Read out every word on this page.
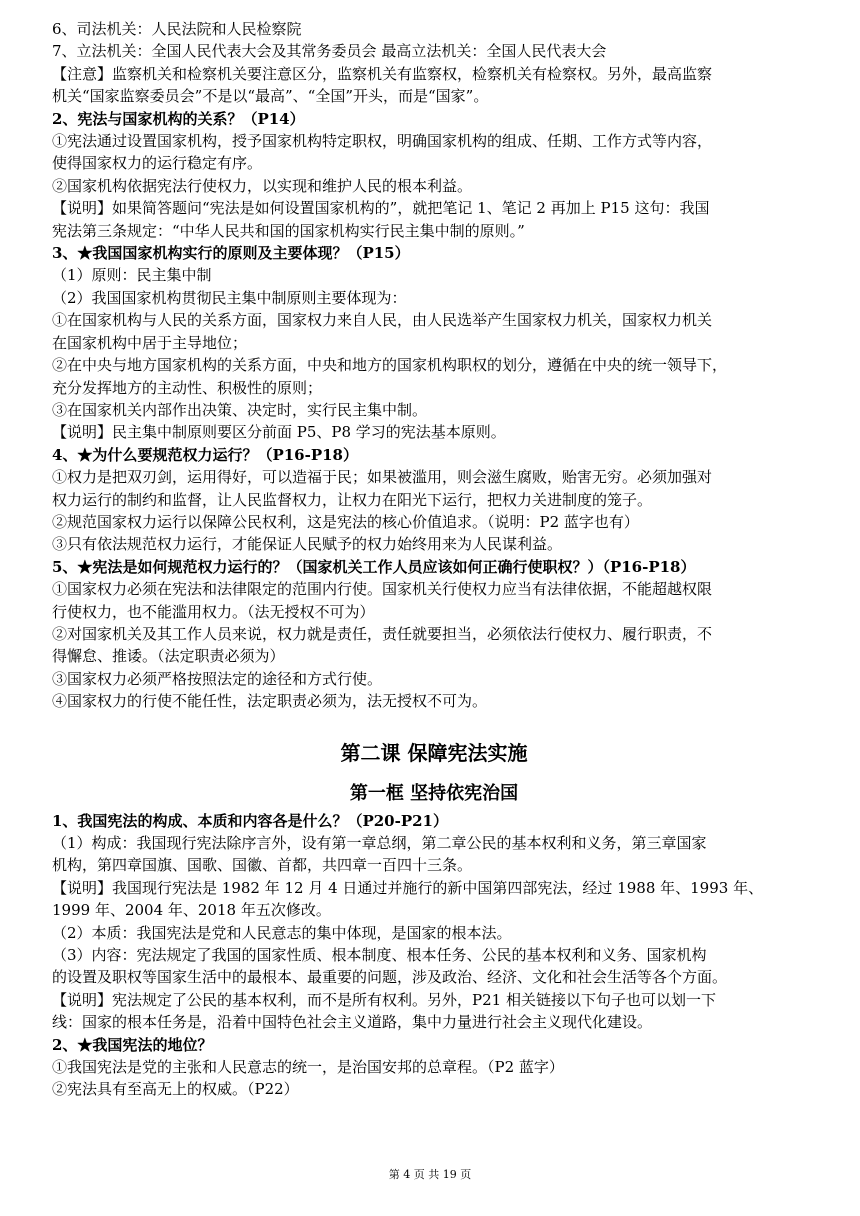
6、司法机关：人民法院和人民检察院

7、立法机关：全国人民代表大会及其常务委员会 最高立法机关：全国人民代表大会

【注意】监察机关和检察机关要注意区分，监察机关有监察权，检察机关有检察权。另外，最高监察

机关“国家监察委员会”不是以“最高”、“全国”开头，而是“国家”。

2、宪法与国家机构的关系？（P14）

①宪法通过设置国家机构，授予国家机构特定职权，明确国家机构的组成、任期、工作方式等内容，

使得国家权力的运行稳定有序。

②国家机构依据宪法行使权力，以实现和维护人民的根本利益。

【说明】如果简答题问“宪法是如何设置国家机构的”，就把笔记 1、笔记 2 再加上 P15 这句：我国

宪法第三条规定：“中华人民共和国的国家机构实行民主集中制的原则。”

3、★我国国家机构实行的原则及主要体现？（P15）

（1）原则：民主集中制

（2）我国国家机构贯彻民主集中制原则主要体现为：

①在国家机构与人民的关系方面，国家权力来自人民，由人民选举产生国家权力机关，国家权力机关

在国家机构中居于主导地位；

②在中央与地方国家机构的关系方面，中央和地方的国家机构职权的划分，遵循在中央的统一领导下，

充分发挥地方的主动性、积极性的原则；

③在国家机关内部作出决策、决定时，实行民主集中制。

【说明】民主集中制原则要区分前面 P5、P8 学习的宪法基本原则。

4、★为什么要规范权力运行？（P16-P18）

①权力是把双刃剑，运用得好，可以造福于民；如果被滥用，则会滋生腐败，贻害无穷。必须加强对

权力运行的制约和监督，让人民监督权力，让权力在阳光下运行，把权力关进制度的笼子。

②规范国家权力运行以保障公民权利，这是宪法的核心价值追求。（说明：P2 蓝字也有）

③只有依法规范权力运行，才能保证人民赋予的权力始终用来为人民谋利益。

5、★宪法是如何规范权力运行的？（国家机关工作人员应该如何正确行使职权？）（P16-P18）

①国家权力必须在宪法和法律限定的范围内行使。国家机关行使权力应当有法律依据，不能超越权限

行使权力，也不能滥用权力。（法无授权不可为）

②对国家机关及其工作人员来说，权力就是责任，责任就要担当，必须依法行使权力、履行职责，不

得懈怠、推诿。（法定职责必须为）

③国家权力必须严格按照法定的途径和方式行使。

④国家权力的行使不能任性，法定职责必须为，法无授权不可为。

第二课 保障宪法实施
第一框 坚持依宪治国

1、我国宪法的构成、本质和内容各是什么？（P20-P21）

（1）构成：我国现行宪法除序言外，设有第一章总纲，第二章公民的基本权利和义务，第三章国家

机构，第四章国旗、国歌、国徽、首都，共四章一百四十三条。

【说明】我国现行宪法是 1982 年 12 月 4 日通过并施行的新中国第四部宪法，经过 1988 年、1993 年、

1999 年、2004 年、2018 年五次修改。

（2）本质：我国宪法是党和人民意志的集中体现，是国家的根本法。

（3）内容：宪法规定了我国的国家性质、根本制度、根本任务、公民的基本权利和义务、国家机构

的设置及职权等国家生活中的最根本、最重要的问题，涉及政治、经济、文化和社会生活等各个方面。

【说明】宪法规定了公民的基本权利，而不是所有权利。另外，P21 相关链接以下句子也可以划一下

线：国家的根本任务是，沿着中国特色社会主义道路，集中力量进行社会主义现代化建设。

2、★我国宪法的地位？

①我国宪法是党的主张和人民意志的统一，是治国安邦的总章程。（P2 蓝字）

②宪法具有至高无上的权威。（P22）

第 4 页 共 19 页
